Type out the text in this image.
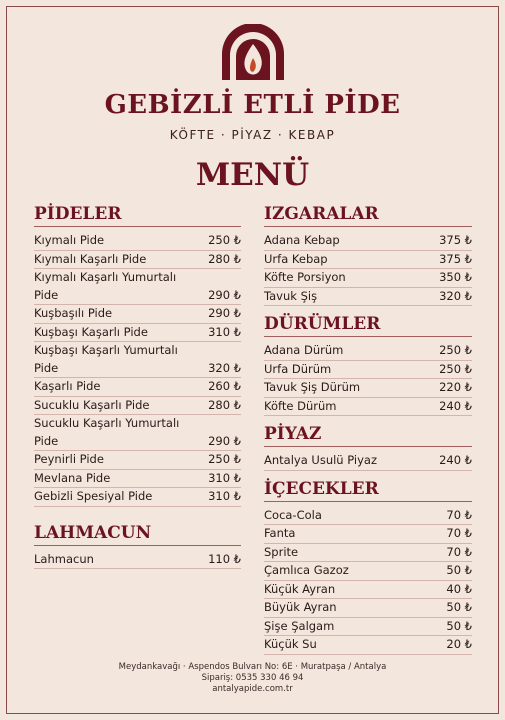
GEBİZLİ ETLİ PİDE
KÖFTE · PİYAZ · KEBAP
MENÜ
PİDELER
Kıymalı Pide	250 ₺
Kıymalı Kaşarlı Pide	280 ₺
Kıymalı Kaşarlı Yumurtalı Pide	290 ₺
Kuşbaşılı Pide	290 ₺
Kuşbaşı Kaşarlı Pide	310 ₺
Kuşbaşı Kaşarlı Yumurtalı Pide	320 ₺
Kaşarlı Pide	260 ₺
Sucuklu Kaşarlı Pide	280 ₺
Sucuklu Kaşarlı Yumurtalı Pide	290 ₺
Peynirli Pide	250 ₺
Mevlana Pide	310 ₺
Gebizli Spesiyal Pide	310 ₺
LAHMACUN
Lahmacun	110 ₺
IZGARALAR
Adana Kebap	375 ₺
Urfa Kebap	375 ₺
Köfte Porsiyon	350 ₺
Tavuk Şiş	320 ₺
DÜRÜMLER
Adana Dürüm	250 ₺
Urfa Dürüm	250 ₺
Tavuk Şiş Dürüm	220 ₺
Köfte Dürüm	240 ₺
PİYAZ
Antalya Usulü Piyaz	240 ₺
İÇECEKLER
Coca-Cola	70 ₺
Fanta	70 ₺
Sprite	70 ₺
Çamlıca Gazoz	50 ₺
Küçük Ayran	40 ₺
Büyük Ayran	50 ₺
Şişe Şalgam	50 ₺
Küçük Su	20 ₺
Meydankavağı · Aspendos Bulvarı No: 6E · Muratpaşa / Antalya
Sipariş: 0535 330 46 94
antalyapide.com.tr
